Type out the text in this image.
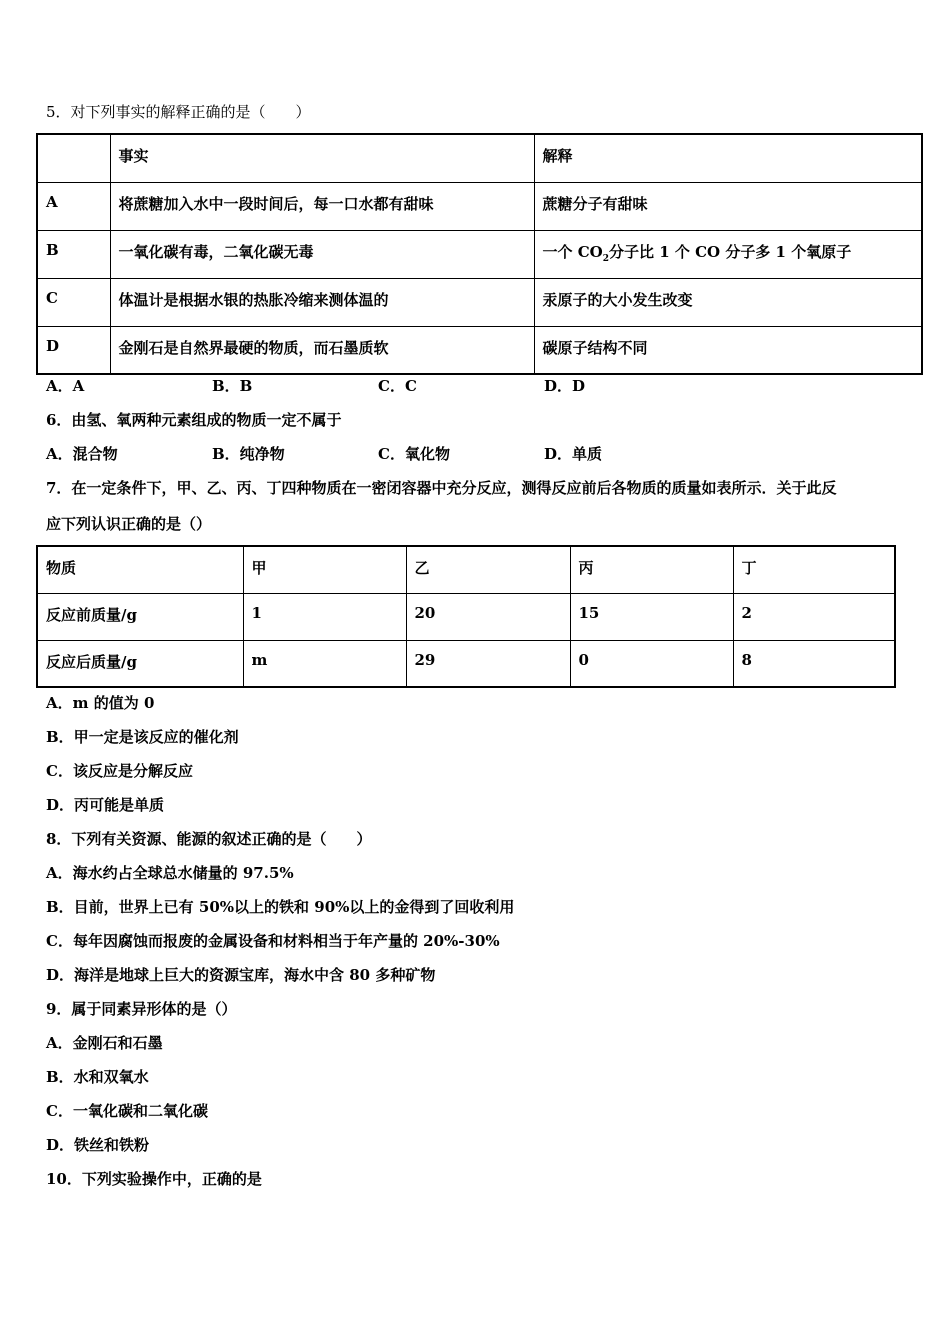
5．对下列事实的解释正确的是（　　）
	事实	解释
A	将蔗糖加入水中一段时间后，每一口水都有甜味	蔗糖分子有甜味
B	一氧化碳有毒，二氧化碳无毒	一个 $CO_2$分子比 1 个 CO 分子多 1 个氧原子
C	体温计是根据水银的热胀冷缩来测体温的	汞原子的大小发生改变
D	金刚石是自然界最硬的物质，而石墨质软	碳原子结构不同
A．A	B．B	C．C	D．D
6．由氢、氧两种元素组成的物质一定不属于
A．混合物	B．纯净物	C．氧化物	D．单质
7．在一定条件下，甲、乙、丙、丁四种物质在一密闭容器中充分反应，测得反应前后各物质的质量如表所示．关于此反
应下列认识正确的是（）
物质	甲	乙	丙	丁
反应前质量/g	1	20	15	2
反应后质量/g	m	29	0	8
A．m 的值为 0
B．甲一定是该反应的催化剂
C．该反应是分解反应
D．丙可能是单质
8．下列有关资源、能源的叙述正确的是（　　）
A．海水约占全球总水储量的 97.5%
B．目前，世界上已有 50%以上的铁和 90%以上的金得到了回收利用
C．每年因腐蚀而报废的金属设备和材料相当于年产量的 20%-30%
D．海洋是地球上巨大的资源宝库，海水中含 80 多种矿物
9．属于同素异形体的是（）
A．金刚石和石墨
B．水和双氧水
C．一氧化碳和二氧化碳
D．铁丝和铁粉
10．下列实验操作中，正确的是
